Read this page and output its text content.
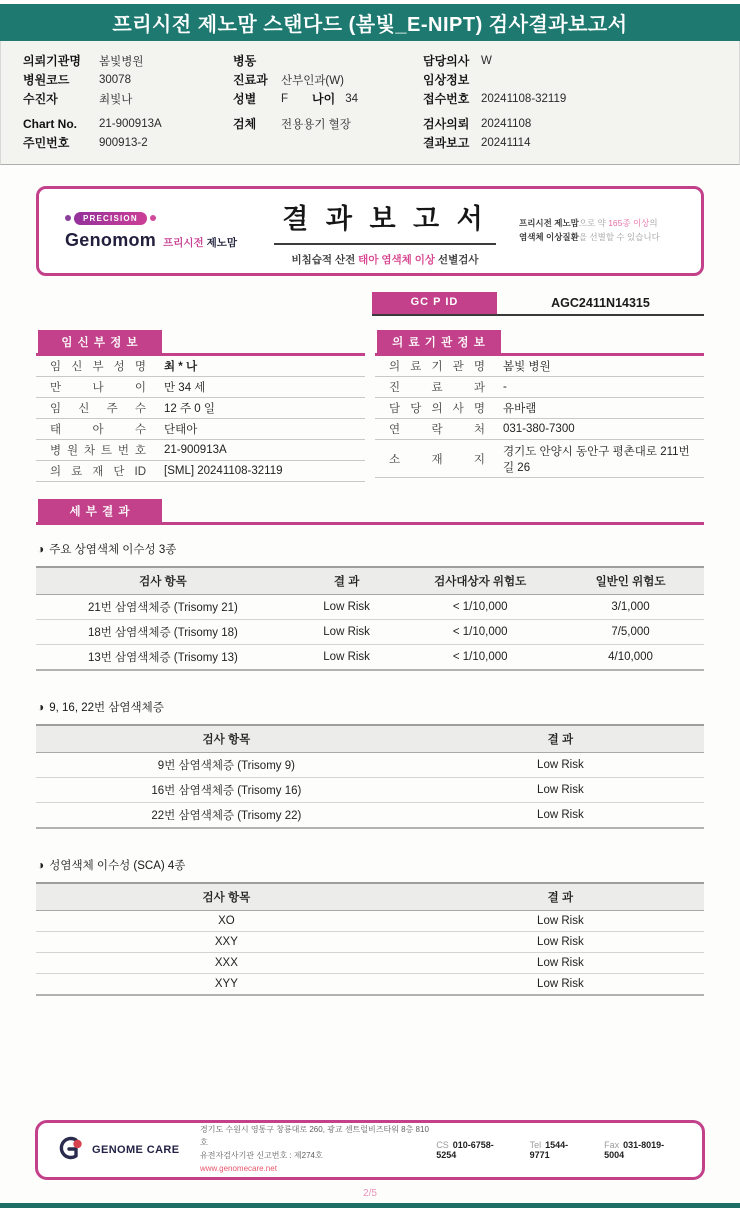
프리시전 제노맘 스탠다드 (봄빛_E-NIPT) 검사결과보고서
의뢰기관명	봄빛병원
병원코드	30078
수진자	최빛나
Chart No.	21-900913A
주민번호	900913-2
병동
진료과	산부인과(W)
성별	F 나이 34
검체	전용용기 혈장
담당의사	W
임상정보
접수번호	20241108-32119
검사의뢰	20241108
결과보고	20241114
PRECISION
Genomom 프리시전 제노맘
결 과 보 고 서
비침습적 산전 태아 염색체 이상 선별검사
프리시전 제노맘으로 약 165종 이상의
염색체 이상질환을 선별할 수 있습니다
GC P ID	AGC2411N14315
임 신 부 정 보
임 신 부 성 명	최 * 나
만 나 이	만 34 세
임 신 주 수	12 주 0 일
태 아 수	단태아
병 원 차 트 번 호	21-900913A
의 료 재 단 ID	[SML] 20241108-32119
의 료 기 관 정 보
의 료 기 관 명	봄빛 병원
진 료 과	-
담 당 의 사 명	유바램
연 락 처	031-380-7300
소 재 지
경기도 안양시 동안구 평촌대로 211번길 26
세 부 결 과
◑ 주요 상염색체 이수성 3종
검사 항목	결 과	검사대상자 위험도	일반인 위험도
21번 삼염색체증 (Trisomy 21)	Low Risk	< 1/10,000	3/1,000
18번 삼염색체증 (Trisomy 18)	Low Risk	< 1/10,000	7/5,000
13번 삼염색체증 (Trisomy 13)	Low Risk	< 1/10,000	4/10,000
◑ 9, 16, 22번 삼염색체증
검사 항목	결 과
9번 삼염색체증 (Trisomy 9)	Low Risk
16번 삼염색체증 (Trisomy 16)	Low Risk
22번 삼염색체증 (Trisomy 22)	Low Risk
◑ 성염색체 이수성 (SCA) 4종
검사 항목	결 과
XO	Low Risk
XXY	Low Risk
XXX	Low Risk
XYY	Low Risk
GENOME CARE
경기도 수원시 영통구 창룡대로 260, 광교 센트럴비즈타워 8층 810호
유전자검사기관 신고번호 : 제274호
www.genomecare.net
CS 010-6758-5254
Tel 1544-9771
Fax 031-8019-5004
2/5
